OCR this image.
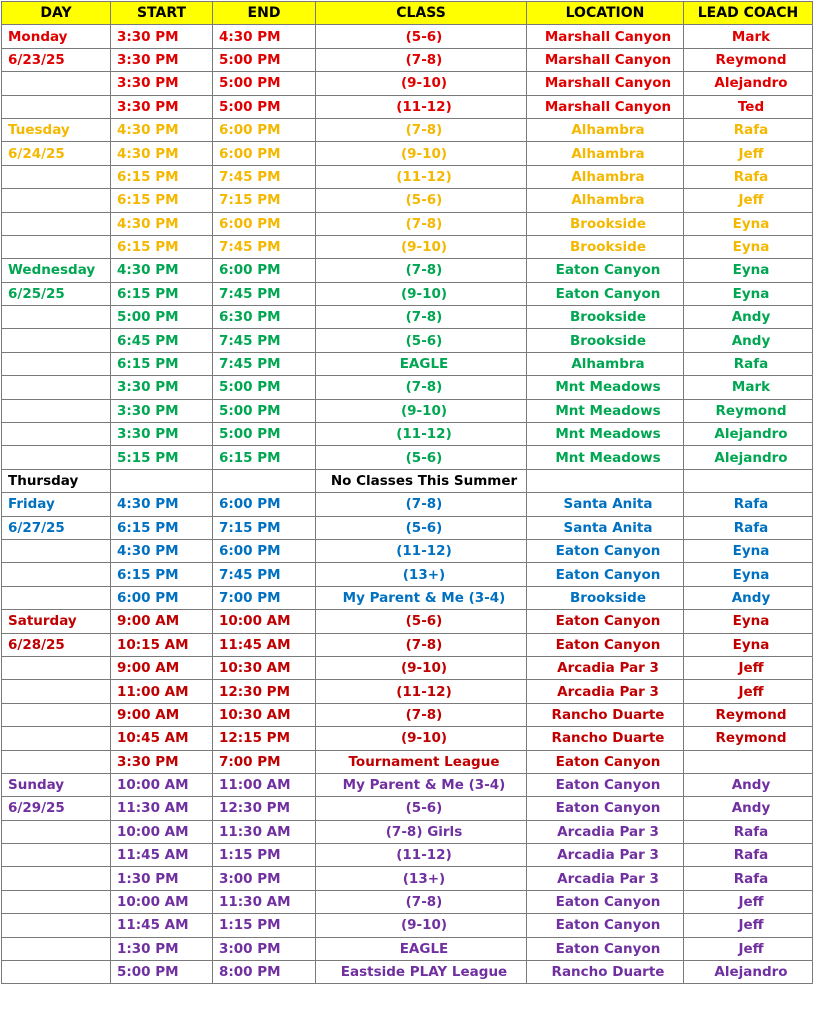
DAY	START	END	CLASS	LOCATION	LEAD COACH
Monday	3:30 PM	4:30 PM	(5-6)	Marshall Canyon	Mark
6/23/25	3:30 PM	5:00 PM	(7-8)	Marshall Canyon	Reymond
	3:30 PM	5:00 PM	(9-10)	Marshall Canyon	Alejandro
	3:30 PM	5:00 PM	(11-12)	Marshall Canyon	Ted
Tuesday	4:30 PM	6:00 PM	(7-8)	Alhambra	Rafa
6/24/25	4:30 PM	6:00 PM	(9-10)	Alhambra	Jeff
	6:15 PM	7:45 PM	(11-12)	Alhambra	Rafa
	6:15 PM	7:15 PM	(5-6)	Alhambra	Jeff
	4:30 PM	6:00 PM	(7-8)	Brookside	Eyna
	6:15 PM	7:45 PM	(9-10)	Brookside	Eyna
Wednesday	4:30 PM	6:00 PM	(7-8)	Eaton Canyon	Eyna
6/25/25	6:15 PM	7:45 PM	(9-10)	Eaton Canyon	Eyna
	5:00 PM	6:30 PM	(7-8)	Brookside	Andy
	6:45 PM	7:45 PM	(5-6)	Brookside	Andy
	6:15 PM	7:45 PM	EAGLE	Alhambra	Rafa
	3:30 PM	5:00 PM	(7-8)	Mnt Meadows	Mark
	3:30 PM	5:00 PM	(9-10)	Mnt Meadows	Reymond
	3:30 PM	5:00 PM	(11-12)	Mnt Meadows	Alejandro
	5:15 PM	6:15 PM	(5-6)	Mnt Meadows	Alejandro
Thursday			No Classes This Summer		
Friday	4:30 PM	6:00 PM	(7-8)	Santa Anita	Rafa
6/27/25	6:15 PM	7:15 PM	(5-6)	Santa Anita	Rafa
	4:30 PM	6:00 PM	(11-12)	Eaton Canyon	Eyna
	6:15 PM	7:45 PM	(13+)	Eaton Canyon	Eyna
	6:00 PM	7:00 PM	My Parent & Me (3-4)	Brookside	Andy
Saturday	9:00 AM	10:00 AM	(5-6)	Eaton Canyon	Eyna
6/28/25	10:15 AM	11:45 AM	(7-8)	Eaton Canyon	Eyna
	9:00 AM	10:30 AM	(9-10)	Arcadia Par 3	Jeff
	11:00 AM	12:30 PM	(11-12)	Arcadia Par 3	Jeff
	9:00 AM	10:30 AM	(7-8)	Rancho Duarte	Reymond
	10:45 AM	12:15 PM	(9-10)	Rancho Duarte	Reymond
	3:30 PM	7:00 PM	Tournament League	Eaton Canyon	
Sunday	10:00 AM	11:00 AM	My Parent & Me (3-4)	Eaton Canyon	Andy
6/29/25	11:30 AM	12:30 PM	(5-6)	Eaton Canyon	Andy
	10:00 AM	11:30 AM	(7-8) Girls	Arcadia Par 3	Rafa
	11:45 AM	1:15 PM	(11-12)	Arcadia Par 3	Rafa
	1:30 PM	3:00 PM	(13+)	Arcadia Par 3	Rafa
	10:00 AM	11:30 AM	(7-8)	Eaton Canyon	Jeff
	11:45 AM	1:15 PM	(9-10)	Eaton Canyon	Jeff
	1:30 PM	3:00 PM	EAGLE	Eaton Canyon	Jeff
	5:00 PM	8:00 PM	Eastside PLAY League	Rancho Duarte	Alejandro
